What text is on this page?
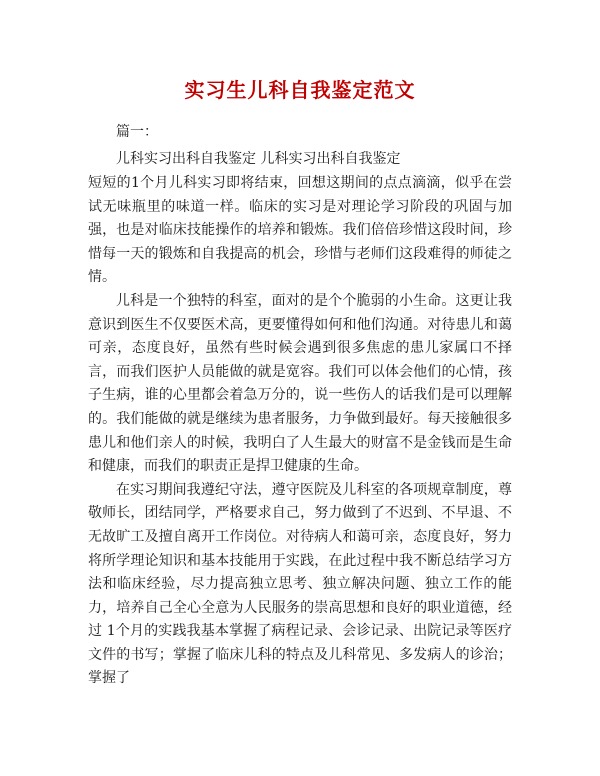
实习生儿科自我鉴定范文
篇一：
儿科实习出科自我鉴定 儿科实习出科自我鉴定

短短的1个月儿科实习即将结束，回想这期间的点点滴滴，似乎在尝试无味瓶里的味道一样。临床的实习是对理论学习阶段的巩固与加强，也是对临床技能操作的培养和锻炼。我们倍倍珍惜这段时间，珍惜每一天的锻炼和自我提高的机会，珍惜与老师们这段难得的师徒之情。

儿科是一个独特的科室，面对的是个个脆弱的小生命。这更让我意识到医生不仅要医术高，更要懂得如何和他们沟通。对待患儿和蔼可亲，态度良好，虽然有些时候会遇到很多焦虑的患儿家属口不择言，而我们医护人员能做的就是宽容。我们可以体会他们的心情，孩子生病，谁的心里都会着急万分的，说一些伤人的话我们是可以理解的。我们能做的就是继续为患者服务，力争做到最好。每天接触很多患儿和他们亲人的时候，我明白了人生最大的财富不是金钱而是生命和健康，而我们的职责正是捍卫健康的生命。

在实习期间我遵纪守法，遵守医院及儿科室的各项规章制度，尊敬师长，团结同学，严格要求自己，努力做到了不迟到、不早退、不无故旷工及擅自离开工作岗位。对待病人和蔼可亲，态度良好，努力将所学理论知识和基本技能用于实践，在此过程中我不断总结学习方法和临床经验，尽力提高独立思考、独立解决问题、独立工作的能力，培养自己全心全意为人民服务的崇高思想和良好的职业道德，经过 1个月的实践我基本掌握了病程记录、会诊记录、出院记录等医疗文件的书写；掌握了临床儿科的特点及儿科常见、多发病人的诊治；掌握了
